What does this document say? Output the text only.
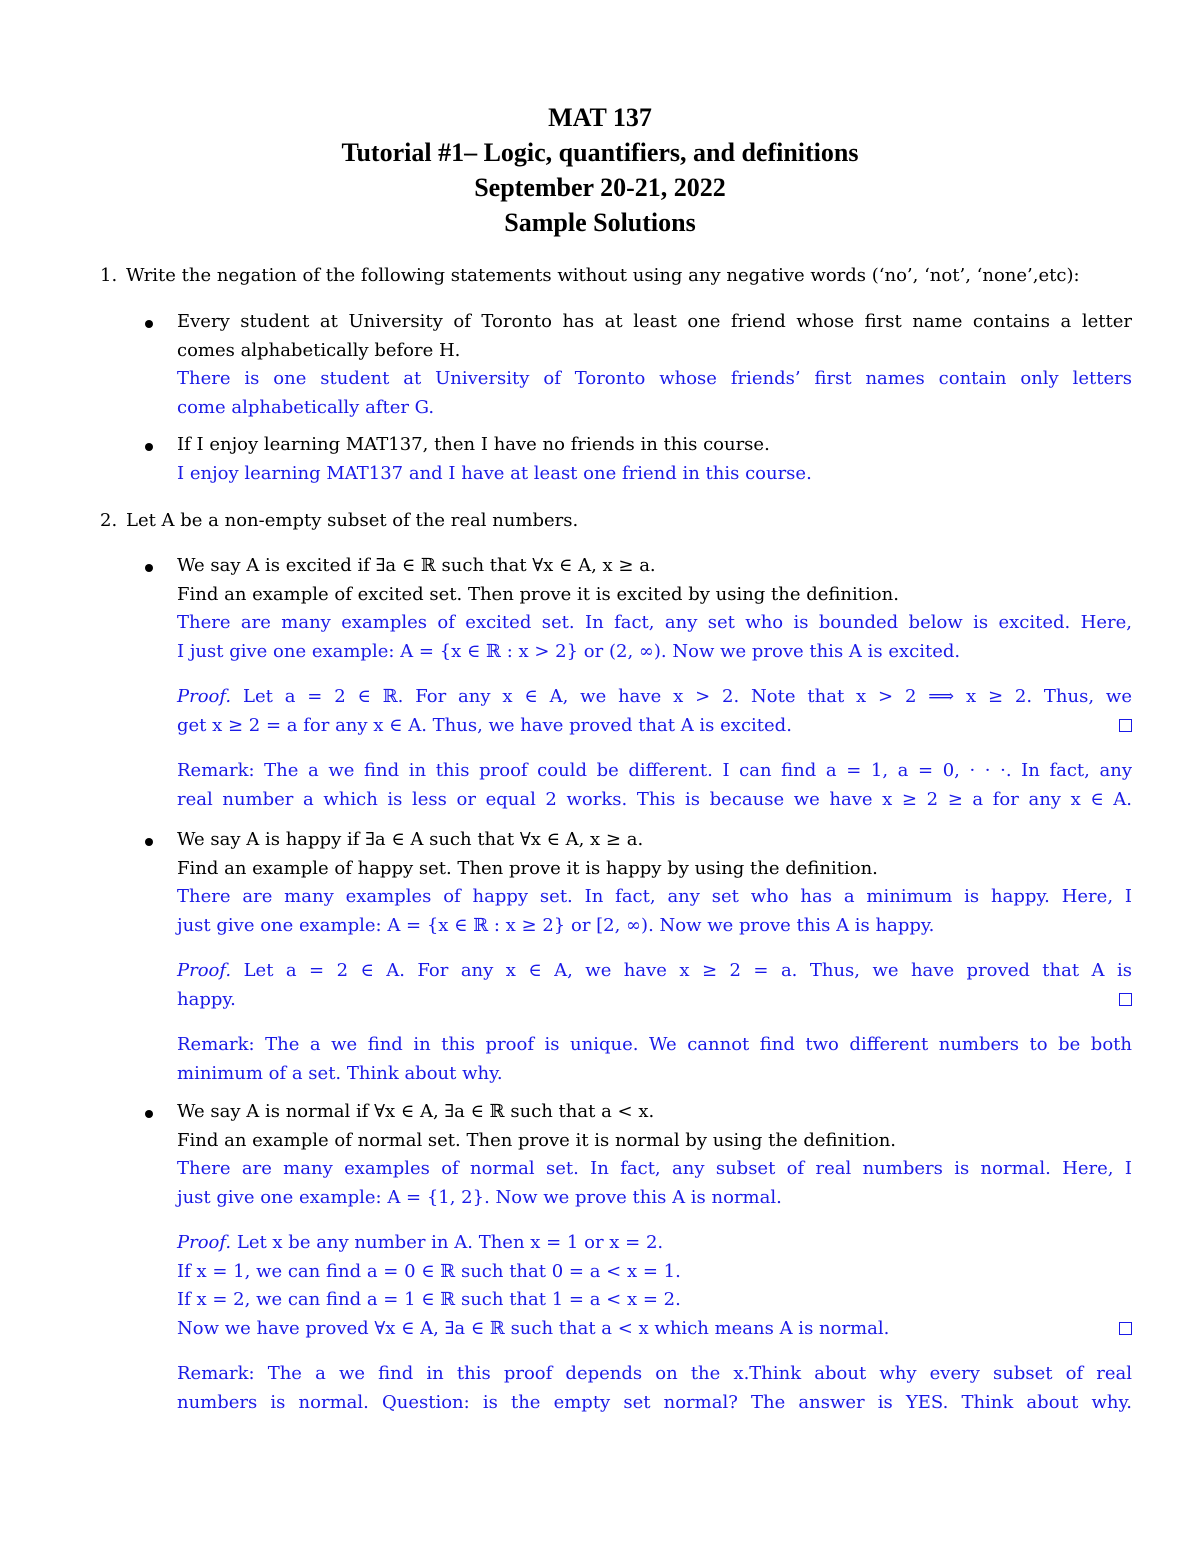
MAT 137
Tutorial #1– Logic, quantifiers, and definitions
September 20-21, 2022
Sample Solutions
1. Write the negation of the following statements without using any negative words (‘no’, ‘not’, ‘none’,etc):
Every student at University of Toronto has at least one friend whose first name contains a letter
comes alphabetically before H.
There is one student at University of Toronto whose friends’ first names contain only letters
come alphabetically after G.
If I enjoy learning MAT137, then I have no friends in this course.
I enjoy learning MAT137 and I have at least one friend in this course.
2. Let A be a non-empty subset of the real numbers.
We say A is excited if ∃a ∈ ℝ such that ∀x ∈ A, x ≥ a.
Find an example of excited set. Then prove it is excited by using the definition.
There are many examples of excited set. In fact, any set who is bounded below is excited. Here,
I just give one example: A = {x ∈ ℝ : x > 2} or (2, ∞). Now we prove this A is excited.
Proof. Let a = 2 ∈ ℝ. For any x ∈ A, we have x > 2. Note that x > 2 ⟹ x ≥ 2. Thus, we
get x ≥ 2 = a for any x ∈ A. Thus, we have proved that A is excited.
Remark: The a we find in this proof could be different. I can find a = 1, a = 0, · · ·. In fact, any
real number a which is less or equal 2 works. This is because we have x ≥ 2 ≥ a for any x ∈ A.
We say A is happy if ∃a ∈ A such that ∀x ∈ A, x ≥ a.
Find an example of happy set. Then prove it is happy by using the definition.
There are many examples of happy set. In fact, any set who has a minimum is happy. Here, I
just give one example: A = {x ∈ ℝ : x ≥ 2} or [2, ∞). Now we prove this A is happy.
Proof. Let a = 2 ∈ A. For any x ∈ A, we have x ≥ 2 = a. Thus, we have proved that A is
happy.
Remark: The a we find in this proof is unique. We cannot find two different numbers to be both
minimum of a set. Think about why.
We say A is normal if ∀x ∈ A, ∃a ∈ ℝ such that a < x.
Find an example of normal set. Then prove it is normal by using the definition.
There are many examples of normal set. In fact, any subset of real numbers is normal. Here, I
just give one example: A = {1, 2}. Now we prove this A is normal.
Proof. Let x be any number in A. Then x = 1 or x = 2.
If x = 1, we can find a = 0 ∈ ℝ such that 0 = a < x = 1.
If x = 2, we can find a = 1 ∈ ℝ such that 1 = a < x = 2.
Now we have proved ∀x ∈ A, ∃a ∈ ℝ such that a < x which means A is normal.
Remark: The a we find in this proof depends on the x.Think about why every subset of real
numbers is normal. Question: is the empty set normal? The answer is YES. Think about why.
